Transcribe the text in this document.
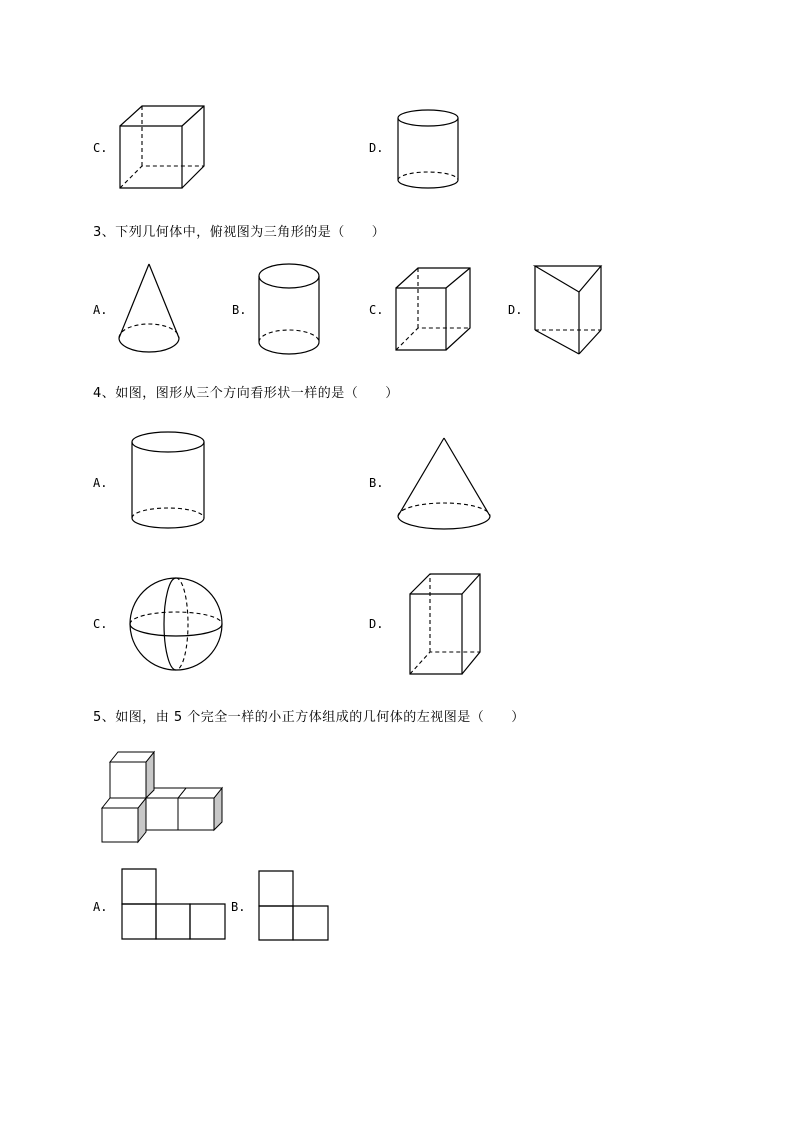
C.	D.
3、下列几何体中，俯视图为三角形的是（　　）
A.	B.	C.	D.
4、如图，图形从三个方向看形状一样的是（　　）
A.	B.
C.	D.
5、如图，由 5 个完全一样的小正方体组成的几何体的左视图是（　　）
A.	B.
